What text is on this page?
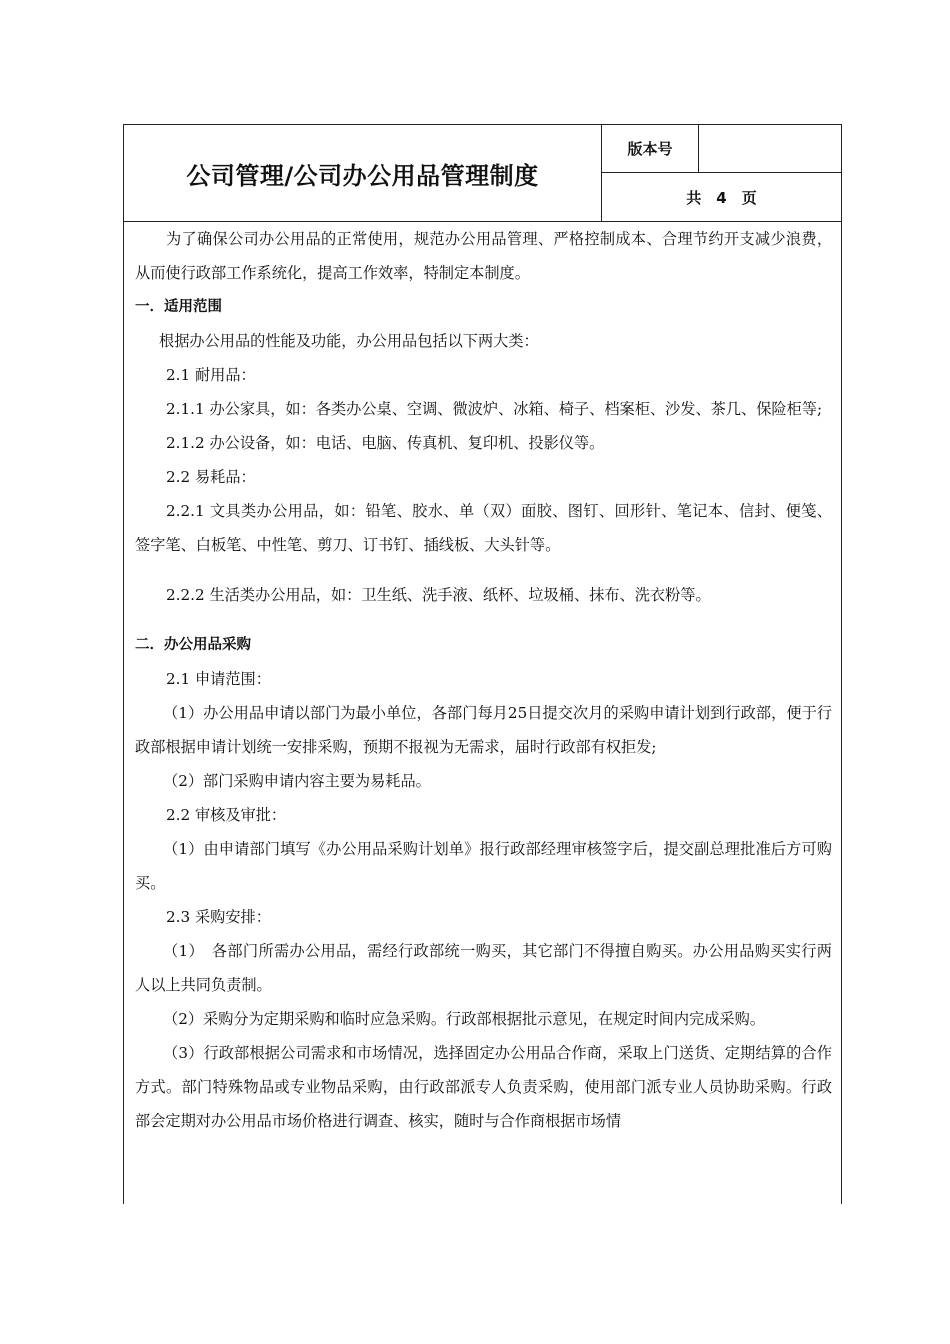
公司管理/公司办公用品管理制度
版本号
共　4　页

为了确保公司办公用品的正常使用，规范办公用品管理、严格控制成本、合理节约开支减少浪费，从而使行政部工作系统化，提高工作效率，特制定本制度。

一．适用范围

根据办公用品的性能及功能，办公用品包括以下两大类：

2.1 耐用品：

2.1.1 办公家具，如：各类办公桌、空调、微波炉、冰箱、椅子、档案柜、沙发、茶几、保险柜等;

2.1.2 办公设备，如：电话、电脑、传真机、复印机、投影仪等。

2.2 易耗品：

2.2.1 文具类办公用品，如：铅笔、胶水、单（双）面胶、图钉、回形针、笔记本、信封、便笺、签字笔、白板笔、中性笔、剪刀、订书钉、插线板、大头针等。

2.2.2 生活类办公用品，如：卫生纸、洗手液、纸杯、垃圾桶、抹布、洗衣粉等。

二．办公用品采购

2.1 申请范围：

（1）办公用品申请以部门为最小单位，各部门每月25日提交次月的采购申请计划到行政部，便于行政部根据申请计划统一安排采购，预期不报视为无需求，届时行政部有权拒发;

（2）部门采购申请内容主要为易耗品。

2.2 审核及审批：

（1）由申请部门填写《办公用品采购计划单》报行政部经理审核签字后，提交副总理批准后方可购买。

2.3 采购安排：

（1）　各部门所需办公用品，需经行政部统一购买，其它部门不得擅自购买。办公用品购买实行两人以上共同负责制。

（2）采购分为定期采购和临时应急采购。行政部根据批示意见，在规定时间内完成采购。

（3）行政部根据公司需求和市场情况，选择固定办公用品合作商，采取上门送货、定期结算的合作方式。部门特殊物品或专业物品采购，由行政部派专人负责采购，使用部门派专业人员协助采购。行政部会定期对办公用品市场价格进行调查、核实，随时与合作商根据市场情
